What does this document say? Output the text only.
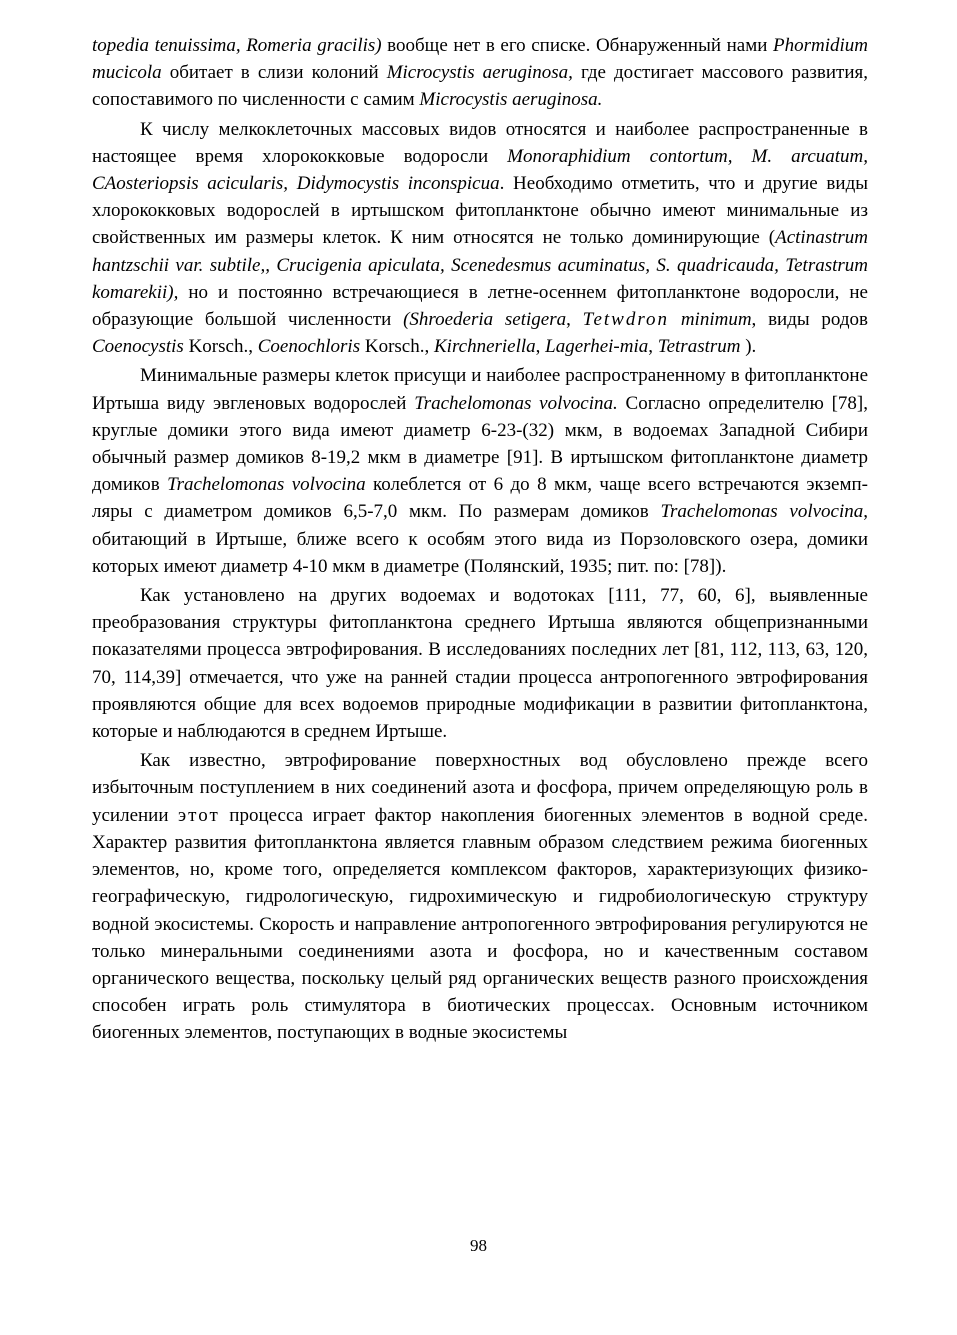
topedia tenuissima, Romeria gracilis) вообще нет в его списке. Обнаруженный нами Phormidium mucicola обитает в слизи колоний Microcystis aeruginosa, где достигает массового развития, сопоставимого по численности с самим Microcystis aeruginosa.

К числу мелкоклеточных массовых видов относятся и наиболее распространенные в настоящее время хлорококковые водоросли Monoraphidium contortum, M. arcuatum, CAosteriopsis acicularis, Didymocystis inconspicua. Необходимо отметить, что и другие виды хлорококковых водорослей в иртышском фитопланктоне обычно имеют минимальные из свойственных им размеры клеток. К ним относятся не только доминирующие (Actinastrum hantzschii var. subtile,, Crucigenia apiculata, Scenedesmus acuminatus, S. quadricauda, Tetrastrum komarekii), но и постоянно встречающиеся в летне-осеннем фитопланктоне водоросли, не образующие большой численности (Shroederia setigera, Tetwdron minimum, виды родов Coenocystis Korsch., Coenochloris Korsch., Kirchneriella, Lagerhei-mia, Tetrastrum ).

Минимальные размеры клеток присущи и наиболее распространенному в фитопланктоне Иртыша виду эвгленовых водорослей Trachelomonas volvocina. Согласно определителю [78], круглые домики этого вида имеют диаметр 6-23-(32) мкм, в водоемах Западной Сибири обычный размер домиков 8-19,2 мкм в диаметре [91]. В иртышском фитопланктоне диаметр домиков Trachelomonas volvocina колеблется от 6 до 8 мкм, чаще всего встречаются экземп-ляры с диаметром домиков 6,5-7,0 мкм. По размерам домиков Trachelomonas volvocina, обитающий в Иртыше, ближе всего к особям этого вида из Порзоловского озера, домики которых имеют диаметр 4-10 мкм в диаметре (Полянский, 1935; пит. по: [78]).

Как установлено на других водоемах и водотоках [111, 77, 60, 6], выявленные преобразования структуры фитопланктона среднего Иртыша являются общепризнанными показателями процесса эвтрофирования. В исследованиях последних лет [81, 112, 113, 63, 120, 70, 114,39] отмечается, что уже на ранней стадии процесса антропогенного эвтрофирования проявляются общие для всех водоемов природные модификации в развитии фитопланктона, которые и наблюдаются в среднем Иртыше.

Как известно, эвтрофирование поверхностных вод обусловлено прежде всего избыточным поступлением в них соединений азота и фосфора, причем определяющую роль в усилении этот процесса играет фактор накопления биогенных элементов в водной среде. Характер развития фитопланктона является главным образом следствием режима биогенных элементов, но, кроме того, определяется комплексом факторов, характеризующих физико-географическую, гидрологическую, гидрохимическую и гидробиологическую структуру водной экосистемы. Скорость и направление антропогенного эвтрофирования регулируются не только минеральными соединениями азота и фосфора, но и качественным составом органического вещества, поскольку целый ряд органических веществ разного происхождения способен играть роль стимулятора в биотических процессах. Основным источником биогенных элементов, поступающих в водные экосистемы

98
